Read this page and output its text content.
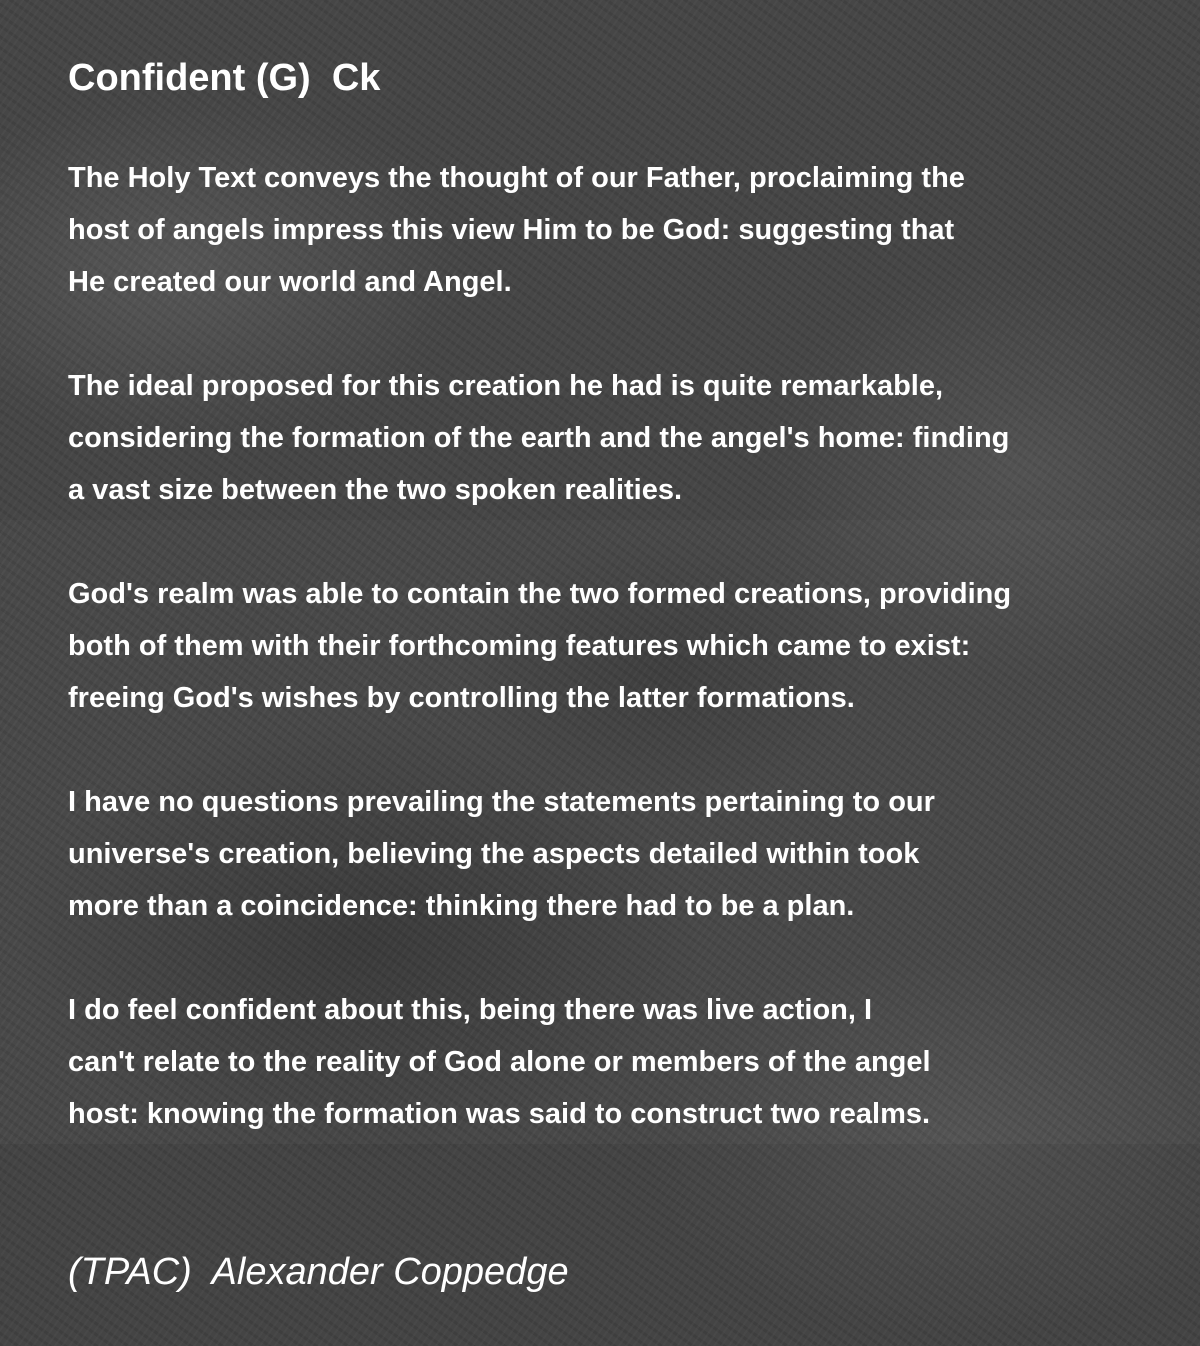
Confident (G)  Ck

The Holy Text conveys the thought of our Father, proclaiming the
host of angels impress this view Him to be God: suggesting that
He created our world and Angel.

The ideal proposed for this creation he had is quite remarkable,
considering the formation of the earth and the angel's home: finding
a vast size between the two spoken realities.

God's realm was able to contain the two formed creations, providing
both of them with their forthcoming features which came to exist:
freeing God's wishes by controlling the latter formations.

I have no questions prevailing the statements pertaining to our
universe's creation, believing the aspects detailed within took
more than a coincidence: thinking there had to be a plan.

I do feel confident about this, being there was live action, I
can't relate to the reality of God alone or members of the angel
host: knowing the formation was said to construct two realms.

(TPAC)  Alexander Coppedge
